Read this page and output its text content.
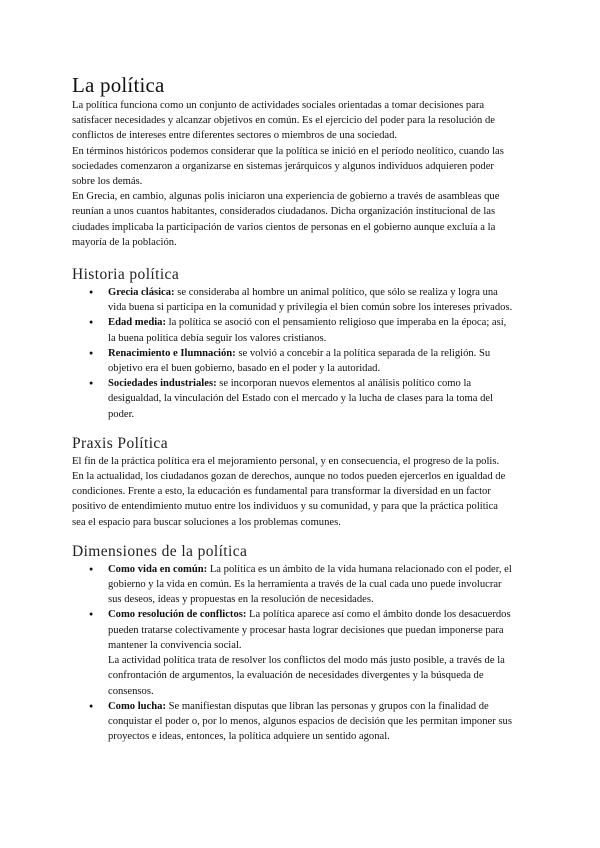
La política

La política funciona como un conjunto de actividades sociales orientadas a tomar decisiones para satisfacer necesidades y alcanzar objetivos en común. Es el ejercicio del poder para la resolución de conflictos de intereses entre diferentes sectores o miembros de una sociedad.

En términos históricos podemos considerar que la política se inició en el período neolítico, cuando las sociedades comenzaron a organizarse en sistemas jerárquicos y algunos individuos adquieren poder sobre los demás.

En Grecia, en cambio, algunas polis iniciaron una experiencia de gobierno a través de asambleas que reunían a unos cuantos habitantes, considerados ciudadanos. Dicha organización institucional de las ciudades implicaba la participación de varios cientos de personas en el gobierno aunque excluía a la mayoría de la población.

Historia política
● Grecia clásica: se consideraba al hombre un animal político, que sólo se realiza y logra una vida buena si participa en la comunidad y privilegia el bien común sobre los intereses privados.
● Edad media: la política se asoció con el pensamiento religioso que imperaba en la época; así, la buena política debía seguir los valores cristianos.
● Renacimiento e Ilumnación: se volvió a concebir a la política separada de la religión. Su objetivo era el buen gobierno, basado en el poder y la autoridad.
● Sociedades industriales: se incorporan nuevos elementos al análisis político como la desigualdad, la vinculación del Estado con el mercado y la lucha de clases para la toma del poder.
Praxis Política

El fin de la práctica política era el mejoramiento personal, y en consecuencia, el progreso de la polis.

En la actualidad, los ciudadanos gozan de derechos, aunque no todos pueden ejercerlos en igualdad de condiciones. Frente a esto, la educación es fundamental para transformar la diversidad en un factor positivo de entendimiento mutuo entre los individuos y su comunidad, y para que la práctica política sea el espacio para buscar soluciones a los problemas comunes.

Dimensiones de la política
● Como vida en común: La política es un ámbito de la vida humana relacionado con el poder, el gobierno y la vida en común. Es la herramienta a través de la cual cada uno puede involucrar sus deseos, ideas y propuestas en la resolución de necesidades.
● Como resolución de conflictos: La política aparece así como el ámbito donde los desacuerdos pueden tratarse colectivamente y procesar hasta lograr decisiones que puedan imponerse para mantener la convivencia social.

La actividad política trata de resolver los conflictos del modo más justo posible, a través de la confrontación de argumentos, la evaluación de necesidades divergentes y la búsqueda de consensos.

● Como lucha: Se manifiestan disputas que libran las personas y grupos con la finalidad de conquistar el poder o, por lo menos, algunos espacios de decisión que les permitan imponer sus proyectos e ideas, entonces, la política adquiere un sentido agonal.
